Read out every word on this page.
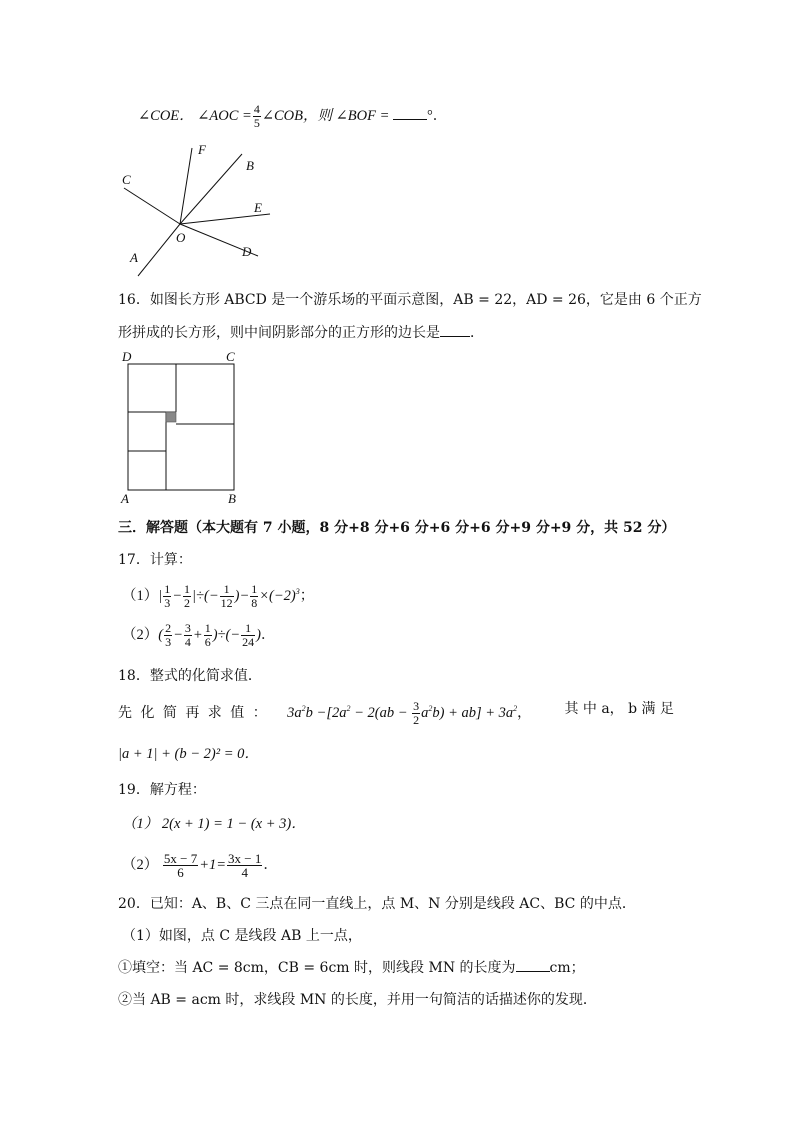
∠COE． ∠AOC = $\frac{4}{5}$ ∠COB，则 ∠BOF =	°．
F
B
C
E
O
A	D
16．如图长方形 ABCD 是一个游乐场的平面示意图，AB = 22，AD = 26，它是由 6 个正方
形拼成的长方形，则中间阴影部分的正方形的边长是 ．
D	C
A	B
三．解答题（本大题有 7 小题，8 分+8 分+6 分+6 分+6 分+9 分+9 分，共 52 分）
17．计算：
$(1)| \frac{1}{3} - \frac{1}{2}$ |÷(− $\frac{1}{12}$ )− $\frac{1}{8} \times(-2)^3$；
$(2)( \frac{2}{3} - \frac{3}{4} + \frac{1}{6}$ )÷(− $\frac{1}{24}$ )．
18．整式的化简求值．
先 化 简 再 求 值 ： $3a^2b -[2a^2 - 2(ab - \frac{3}{2} a^2b) + ab] + 3a^2$， 其 中 a， b 满 足
|a + 1| + (b − 2)² = 0．
19．解方程：
（1） 2(x + 1) = 1 − (x + 3)．
$(2) \frac{5x - 7}{6} +1= \frac{3x - 1}{4}$ ．
20．已知：A、B、C 三点在同一直线上，点 M、N 分别是线段 AC、BC 的中点．
（1）如图，点 C 是线段 AB 上一点，
①填空：当 AC = 8cm，CB = 6cm 时，则线段 MN 的长度为 cm；
②当 AB = acm 时，求线段 MN 的长度，并用一句简洁的话描述你的发现．
